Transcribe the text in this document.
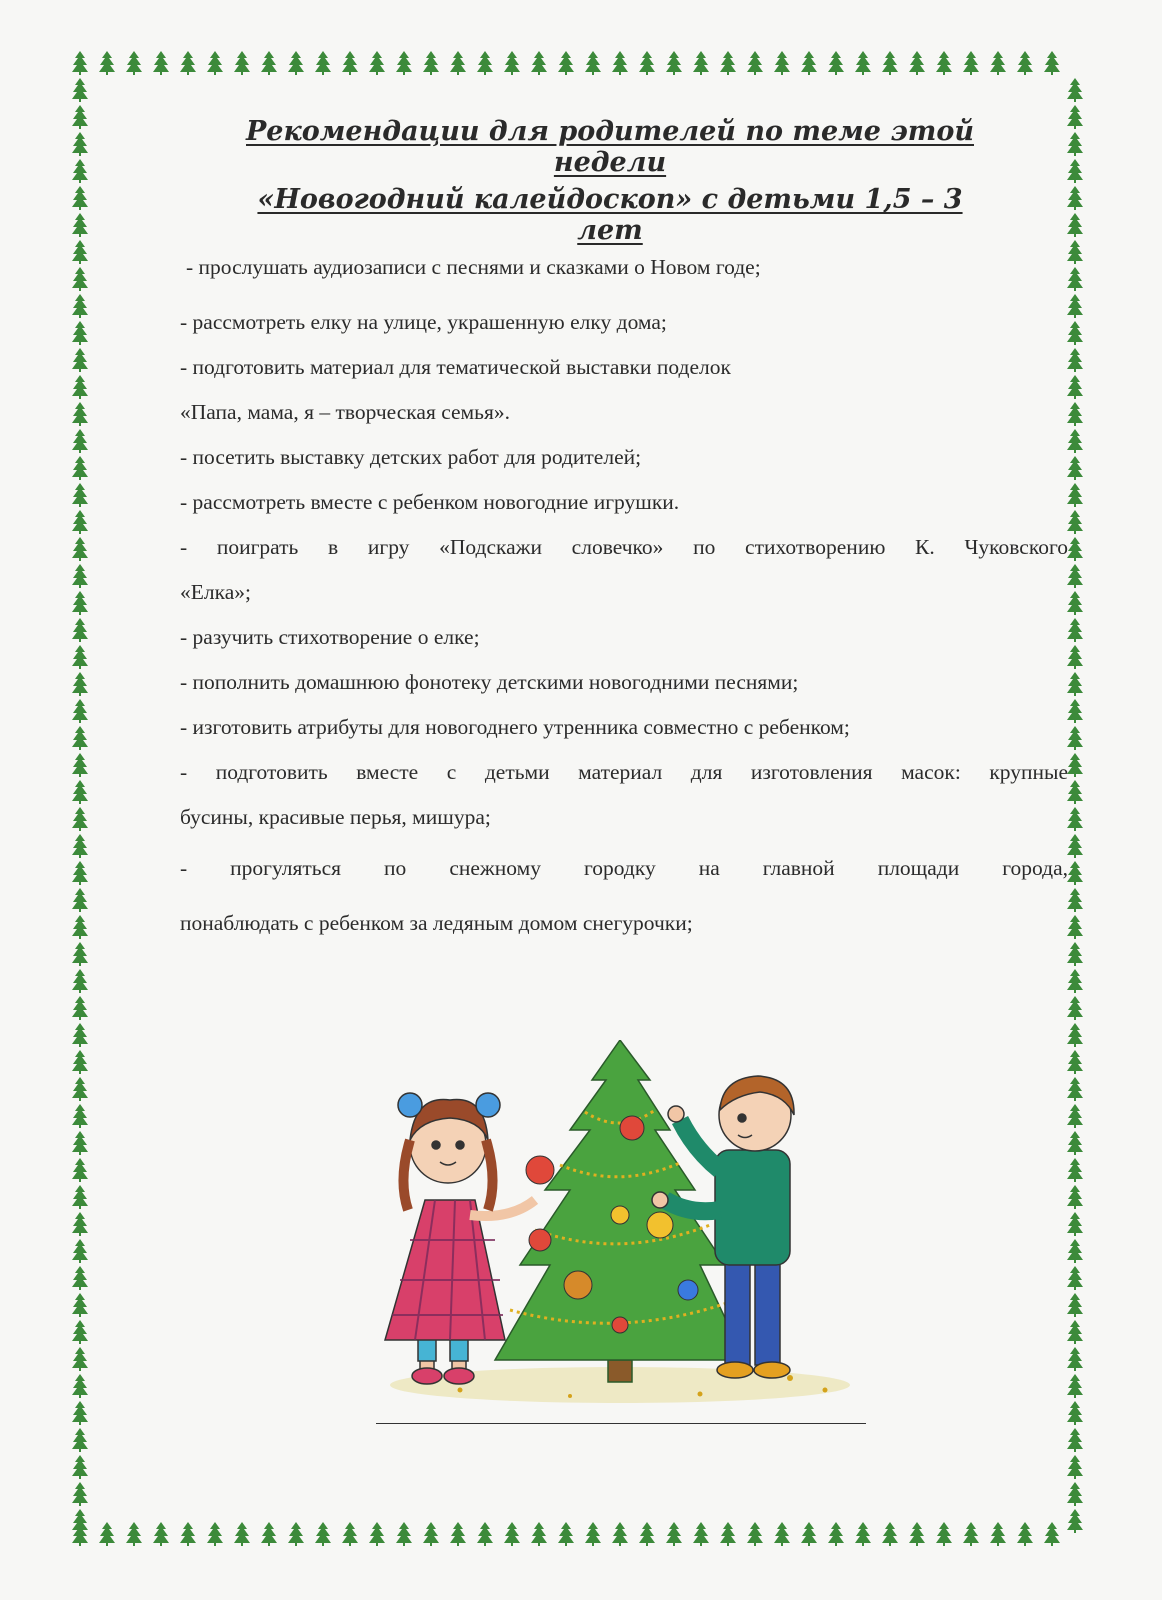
Рекомендации для родителей по теме этой недели
«Новогодний калейдоскоп» с детьми 1,5 – 3 лет

- прослушать аудиозаписи с песнями и сказками о Новом годе;

- рассмотреть елку на улице, украшенную елку дома;

- подготовить материал для тематической выставки поделок

«Папа, мама, я – творческая семья».

- посетить выставку детских работ для родителей;

- рассмотреть вместе с ребенком новогодние игрушки.

- поиграть в игру «Подскажи словечко» по стихотворению К. Чуковского

«Елка»;

- разучить стихотворение о елке;

- пополнить домашнюю фонотеку детскими новогодними песнями;

- изготовить атрибуты для новогоднего утренника совместно с ребенком;

- подготовить вместе с детьми материал для изготовления масок: крупные

бусины, красивые перья, мишура;

- прогуляться по снежному городку на главной площади города,

понаблюдать с ребенком за ледяным домом снегурочки;
